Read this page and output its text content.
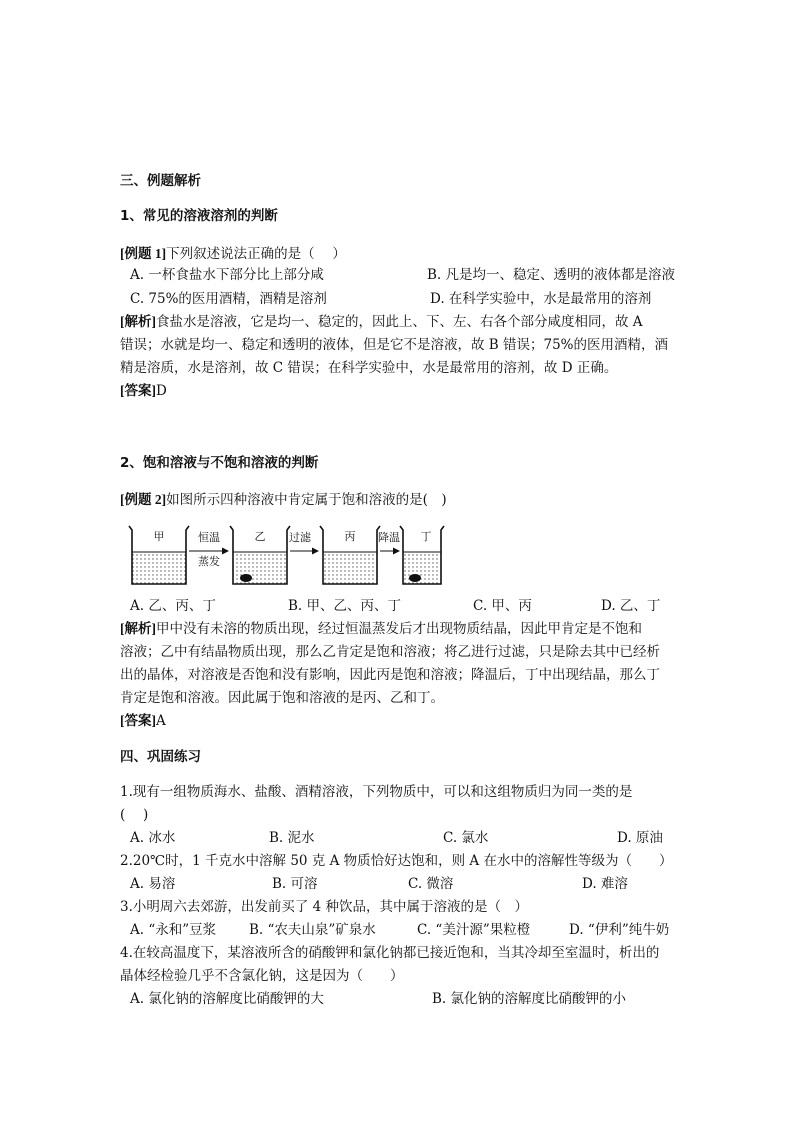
三、例题解析
1、常见的溶液溶剂的判断
[例题 1]下列叙述说法正确的是（　 ）
A. 一杯食盐水下部分比上部分咸	B. 凡是均一、稳定、透明的液体都是溶液
C. 75%的医用酒精，酒精是溶剂	D. 在科学实验中，水是最常用的溶剂
[解析]食盐水是溶液，它是均一、稳定的，因此上、下、左、右各个部分咸度相同，故 A
错误；水就是均一、稳定和透明的液体，但是它不是溶液，故 B 错误；75%的医用酒精，酒
精是溶质，水是溶剂，故 C 错误；在科学实验中，水是最常用的溶剂，故 D 正确。
[答案]D
2、饱和溶液与不饱和溶液的判断
[例题 2]如图所示四种溶液中肯定属于饱和溶液的是(　)
甲	恒温
蒸发
乙 过滤	丙 降温 丁
A. 乙、丙、丁	B. 甲、乙、丙、丁	C. 甲、丙	D. 乙、丁
[解析]甲中没有未溶的物质出现，经过恒温蒸发后才出现物质结晶，因此甲肯定是不饱和
溶液；乙中有结晶物质出现，那么乙肯定是饱和溶液；将乙进行过滤，只是除去其中已经析
出的晶体，对溶液是否饱和没有影响，因此丙是饱和溶液；降温后，丁中出现结晶，那么丁
肯定是饱和溶液。因此属于饱和溶液的是丙、乙和丁。
[答案]A
四、巩固练习
1.现有一组物质海水、盐酸、酒精溶液，下列物质中，可以和这组物质归为同一类的是
(　 )
A. 冰水	B. 泥水	C. 氯水	D. 原油
2.20℃时，1 千克水中溶解 50 克 A 物质恰好达饱和，则 A 在水中的溶解性等级为（　　）
A. 易溶	B. 可溶	C. 微溶	D. 难溶
3.小明周六去郊游，出发前买了 4 种饮品，其中属于溶液的是（　）
A. “永和”豆浆 B. “农夫山泉”矿泉水	C. “美汁源”果粒橙	D. “伊利”纯牛奶
4.在较高温度下，某溶液所含的硝酸钾和氯化钠都已接近饱和，当其冷却至室温时，析出的
晶体经检验几乎不含氯化钠，这是因为（　　）
A. 氯化钠的溶解度比硝酸钾的大	B. 氯化钠的溶解度比硝酸钾的小
